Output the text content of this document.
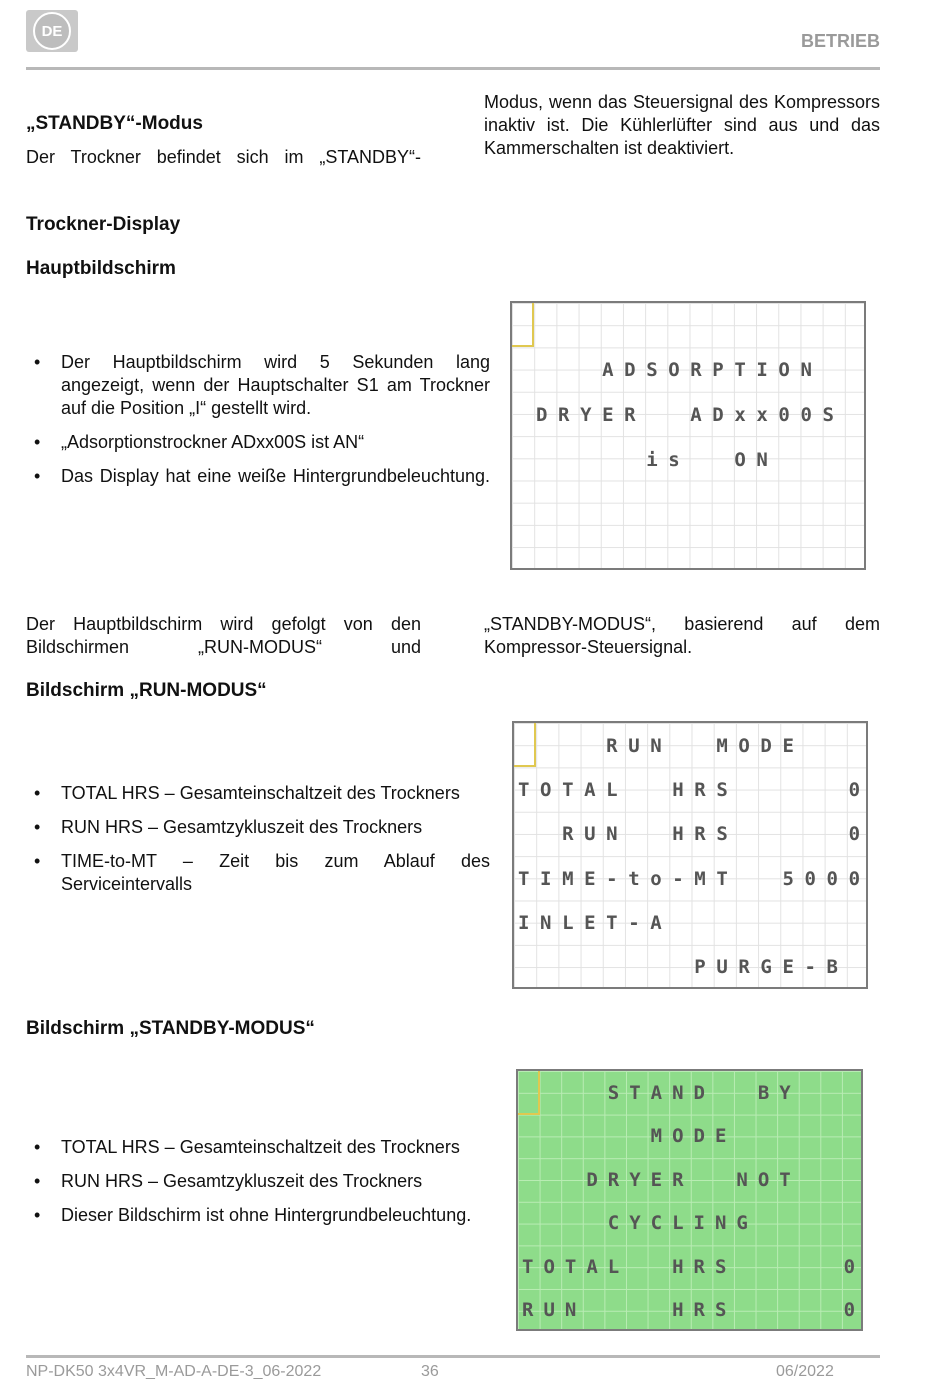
DE	BETRIEB
„STANDBY“-Modus
Der Trockner befindet sich im „STANDBY“-
Modus, wenn das Steuersignal des Kompressors inaktiv ist. Die Kühlerlüfter sind aus und das Kammerschalten ist deaktiviert.
Trockner-Display
Hauptbildschirm
• Der Hauptbildschirm wird 5 Sekunden lang angezeigt, wenn der Hauptschalter S1 am Trockner auf die Position „I“ gestellt wird.
• „Adsorptionstrockner ADxx00S ist AN“
• Das Display hat eine weiße Hintergrundbeleuchtung.
ADSORPTION
DRYER  ADxx00S
is  ON
Der Hauptbildschirm wird gefolgt von den Bildschirmen „RUN-MODUS“ und
„STANDBY-MODUS“, basierend auf dem Kompressor-Steuersignal.
Bildschirm „RUN-MODUS“
• TOTAL HRS – Gesamteinschaltzeit des Trockners
• RUN HRS – Gesamtzykluszeit des Trockners
• TIME-to-MT – Zeit bis zum Ablauf des Serviceintervalls
RUN  MODE
TOTAL  HRS     0
RUN  HRS     0
TIME-to-MT  5000
INLET-A
PURGE-B
Bildschirm „STANDBY-MODUS“
• TOTAL HRS – Gesamteinschaltzeit des Trockners
• RUN HRS – Gesamtzykluszeit des Trockners
• Dieser Bildschirm ist ohne Hintergrundbeleuchtung.
STAND  BY
MODE
DRYER  NOT
CYCLING
TOTAL  HRS     0
RUN    HRS     0
NP-DK50 3x4VR_M-AD-A-DE-3_06-2022	36	06/2022
